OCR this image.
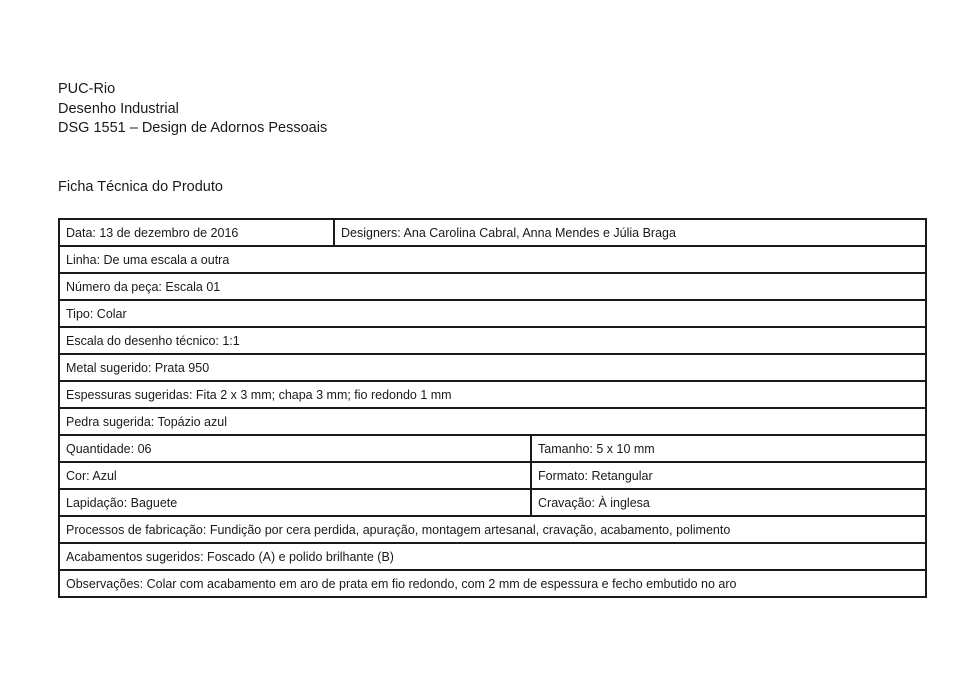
PUC-Rio
Desenho Industrial
DSG 1551 – Design de Adornos Pessoais
Ficha Técnica do Produto
Data: 13 de dezembro de 2016	Designers: Ana Carolina Cabral, Anna Mendes e Júlia Braga	
Linha: De uma escala a outra		
Número da peça: Escala 01		
Tipo: Colar		
Escala do desenho técnico: 1:1		
Metal sugerido: Prata 950		
Espessuras sugeridas: Fita 2 x 3 mm; chapa 3 mm; fio redondo 1 mm		
Pedra sugerida: Topázio azul		
Quantidade: 06		Tamanho: 5 x 10 mm
Cor: Azul		Formato: Retangular
Lapidação: Baguete		Cravação: À inglesa
Processos de fabricação: Fundição por cera perdida, apuração, montagem artesanal, cravação, acabamento, polimento		
Acabamentos sugeridos: Foscado (A) e polido brilhante (B)		
Observações: Colar com acabamento em aro de prata em fio redondo, com 2 mm de espessura e fecho embutido no aro		
